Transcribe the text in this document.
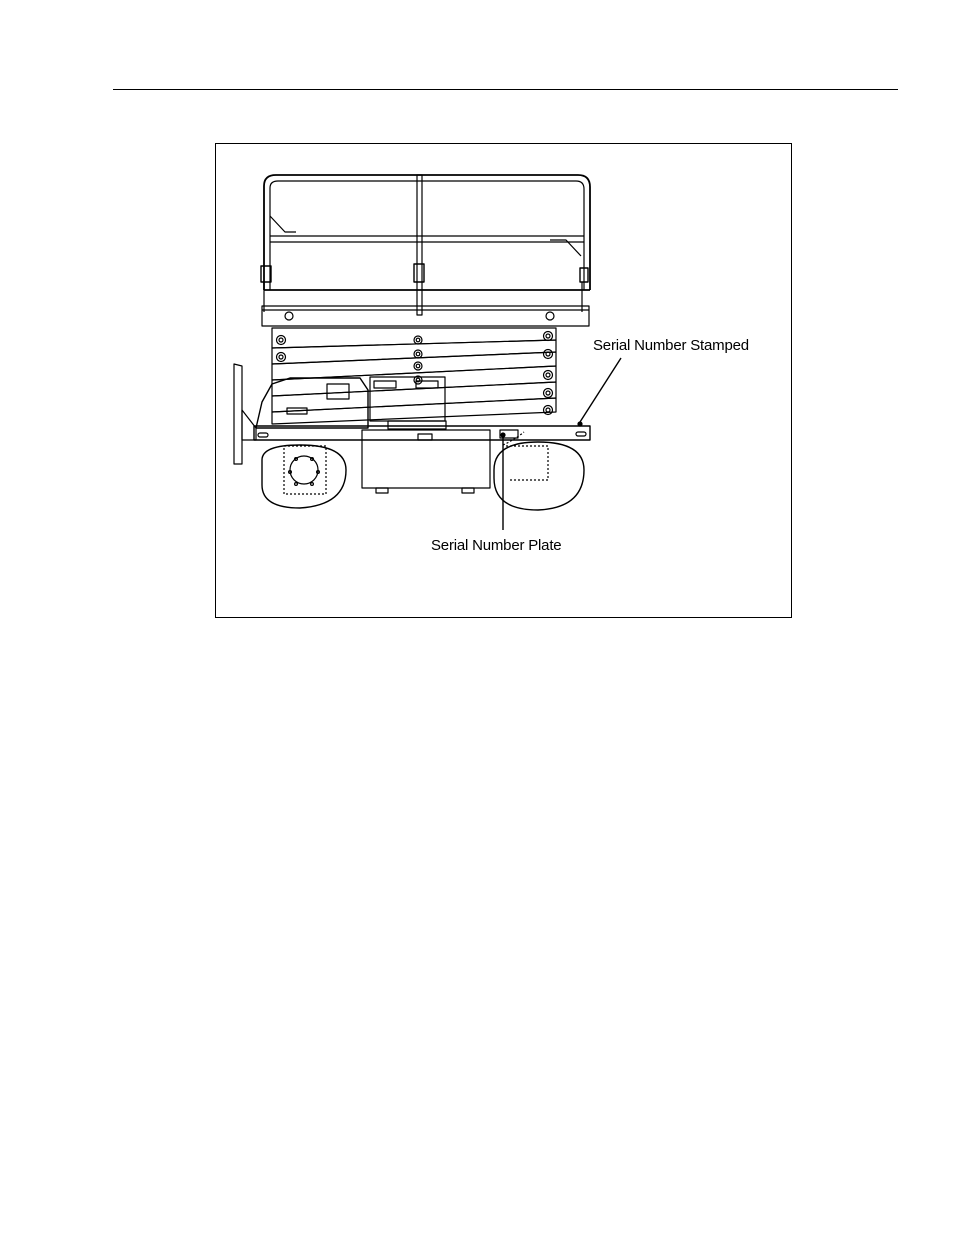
Serial Number Stamped
Serial Number Plate
